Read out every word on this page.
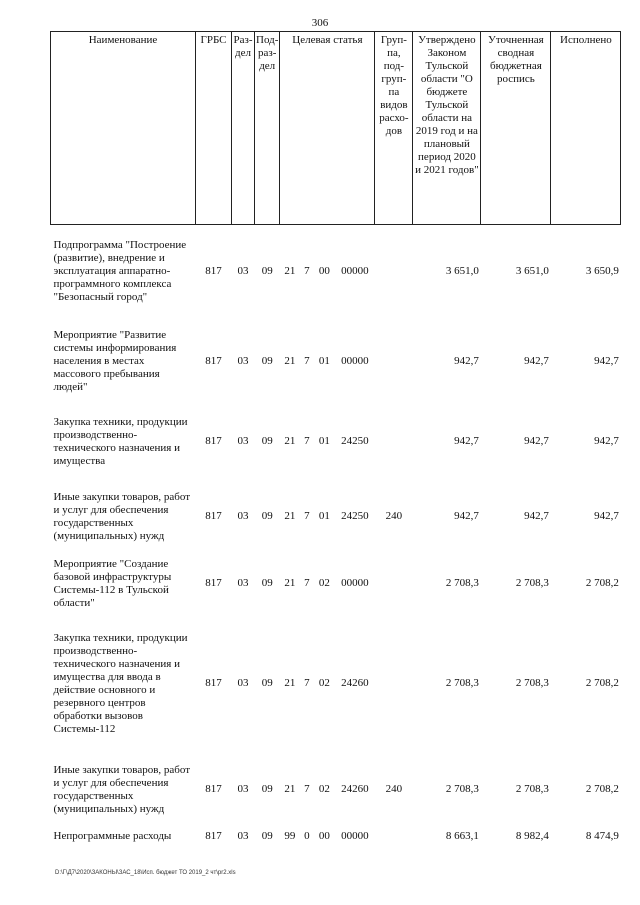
306
Наименование	ГРБС	Раз-дел	Под-раз-дел	Целевая статья				Груп-па, под-груп-па видов расхо-дов	Утверждено Законом Тульской области "О бюджете Тульской области на 2019 год и на плановый период 2020 и 2021 годов"	Уточненная сводная бюджетная роспись	Исполнено
Подпрограмма "Построение (развитие), внедрение и эксплуатация аппаратно-программного комплекса "Безопасный город"	817	03	09	21	7	00	00000		3 651,0	3 651,0	3 650,9
Мероприятие "Развитие системы информирования населения в местах массового пребывания людей"	817	03	09	21	7	01	00000		942,7	942,7	942,7
Закупка техники, продукции производственно-технического назначения и имущества	817	03	09	21	7	01	24250		942,7	942,7	942,7
Иные закупки товаров, работ и услуг для обеспечения государственных (муниципальных) нужд	817	03	09	21	7	01	24250	240	942,7	942,7	942,7
Мероприятие "Создание базовой инфраструктуры Системы-112 в Тульской области"	817	03	09	21	7	02	00000		2 708,3	2 708,3	2 708,2
Закупка техники, продукции производственно-технического назначения и имущества для ввода в действие основного и резервного центров обработки вызовов Системы-112	817	03	09	21	7	02	24260		2 708,3	2 708,3	2 708,2
Иные закупки товаров, работ и услуг для обеспечения государственных (муниципальных) нужд	817	03	09	21	7	02	24260	240	2 708,3	2 708,3	2 708,2
Непрограммные расходы	817	03	09	99	0	00	00000		8 663,1	8 982,4	8 474,9
D:\Г\Д7\2020\ЗАКОНЫ\ЗАС_18\Исп. бюджет ТО 2019_2 чт\pr2.xls
